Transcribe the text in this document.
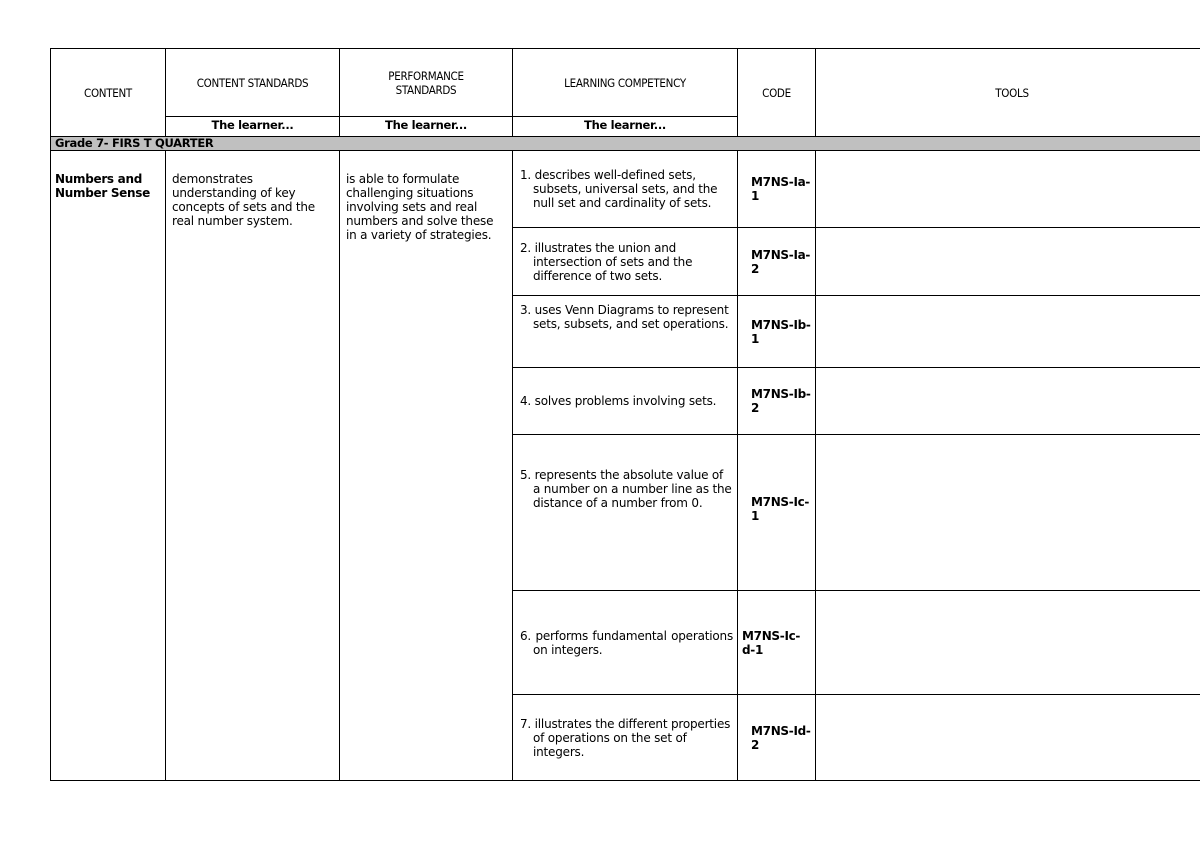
CONTENT	CONTENT STANDARDS	PERFORMANCE STANDARDS	LEARNING COMPETENCY	CODE	TOOLS
	The learner...	The learner...	The learner...		
Grade 7- FIRS T QUARTER					
Numbers and Number Sense	demonstrates understanding of key concepts of sets and the real number system.	is able to formulate challenging situations involving sets and real numbers and solve these in a variety of strategies.	1. describes well-defined sets, subsets, universal sets, and the null set and cardinality of sets.	M7NS-Ia-1	
			2. illustrates the union and intersection of sets and the difference of two sets.	M7NS-Ia-2	
			3. uses Venn Diagrams to represent sets, subsets, and set operations.	M7NS-Ib-1	
			4. solves problems involving sets.	M7NS-Ib-2	
			5. represents the absolute value of a number on a number line as the distance of a number from 0.	M7NS-Ic-1	
			6. performs fundamental operations on integers.	M7NS-Ic-d-1	
			7. illustrates the different properties of operations on the set of integers.	M7NS-Id-2	
